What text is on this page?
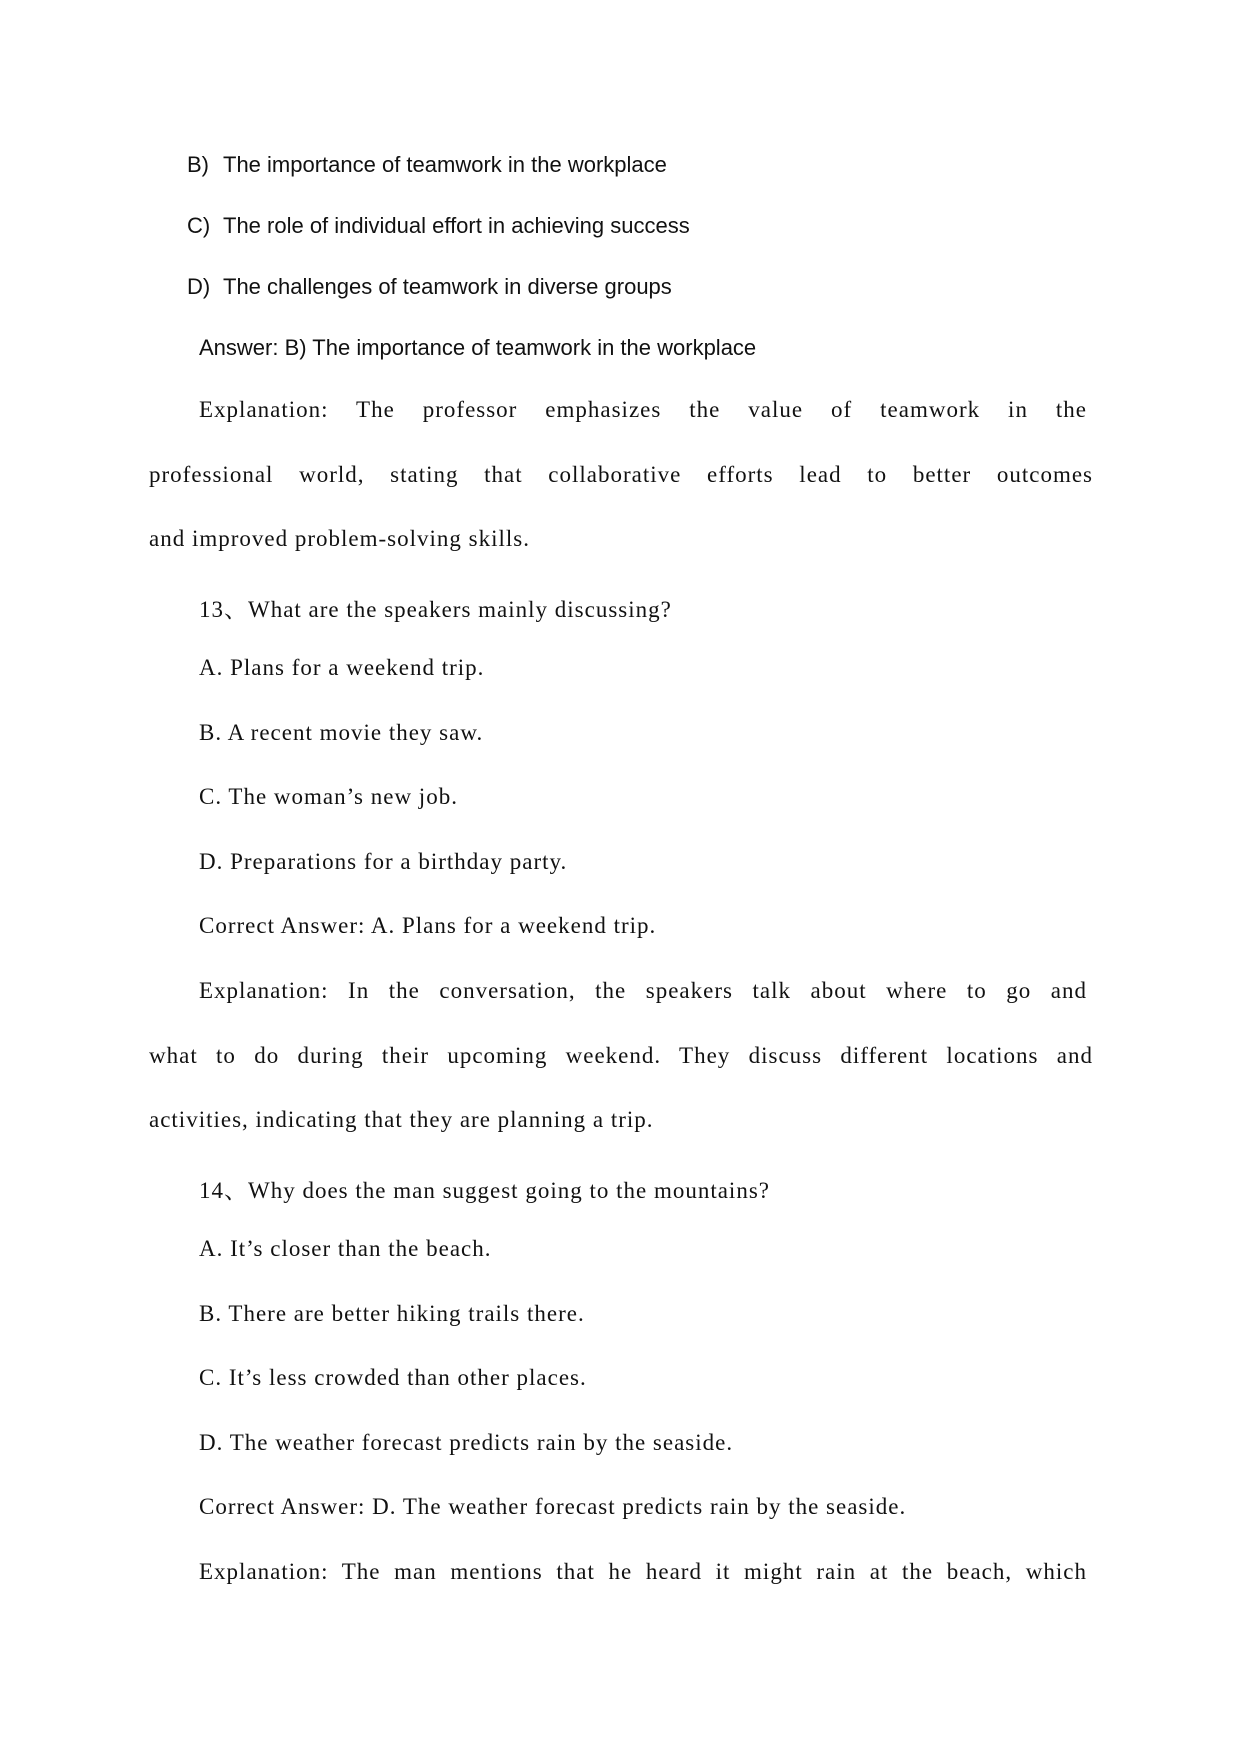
B) The importance of teamwork in the workplace

C) The role of individual effort in achieving success

D) The challenges of teamwork in diverse groups

Answer: B) The importance of teamwork in the workplace

Explanation: The professor emphasizes the value of teamwork in the

professional world, stating that collaborative efforts lead to better outcomes

and improved problem-solving skills.

13、What are the speakers mainly discussing?

A. Plans for a weekend trip.

B. A recent movie they saw.

C. The woman’s new job.

D. Preparations for a birthday party.

Correct Answer: A. Plans for a weekend trip.

Explanation: In the conversation, the speakers talk about where to go and

what to do during their upcoming weekend. They discuss different locations and

activities, indicating that they are planning a trip.

14、Why does the man suggest going to the mountains?

A. It’s closer than the beach.

B. There are better hiking trails there.

C. It’s less crowded than other places.

D. The weather forecast predicts rain by the seaside.

Correct Answer: D. The weather forecast predicts rain by the seaside.

Explanation: The man mentions that he heard it might rain at the beach, which
